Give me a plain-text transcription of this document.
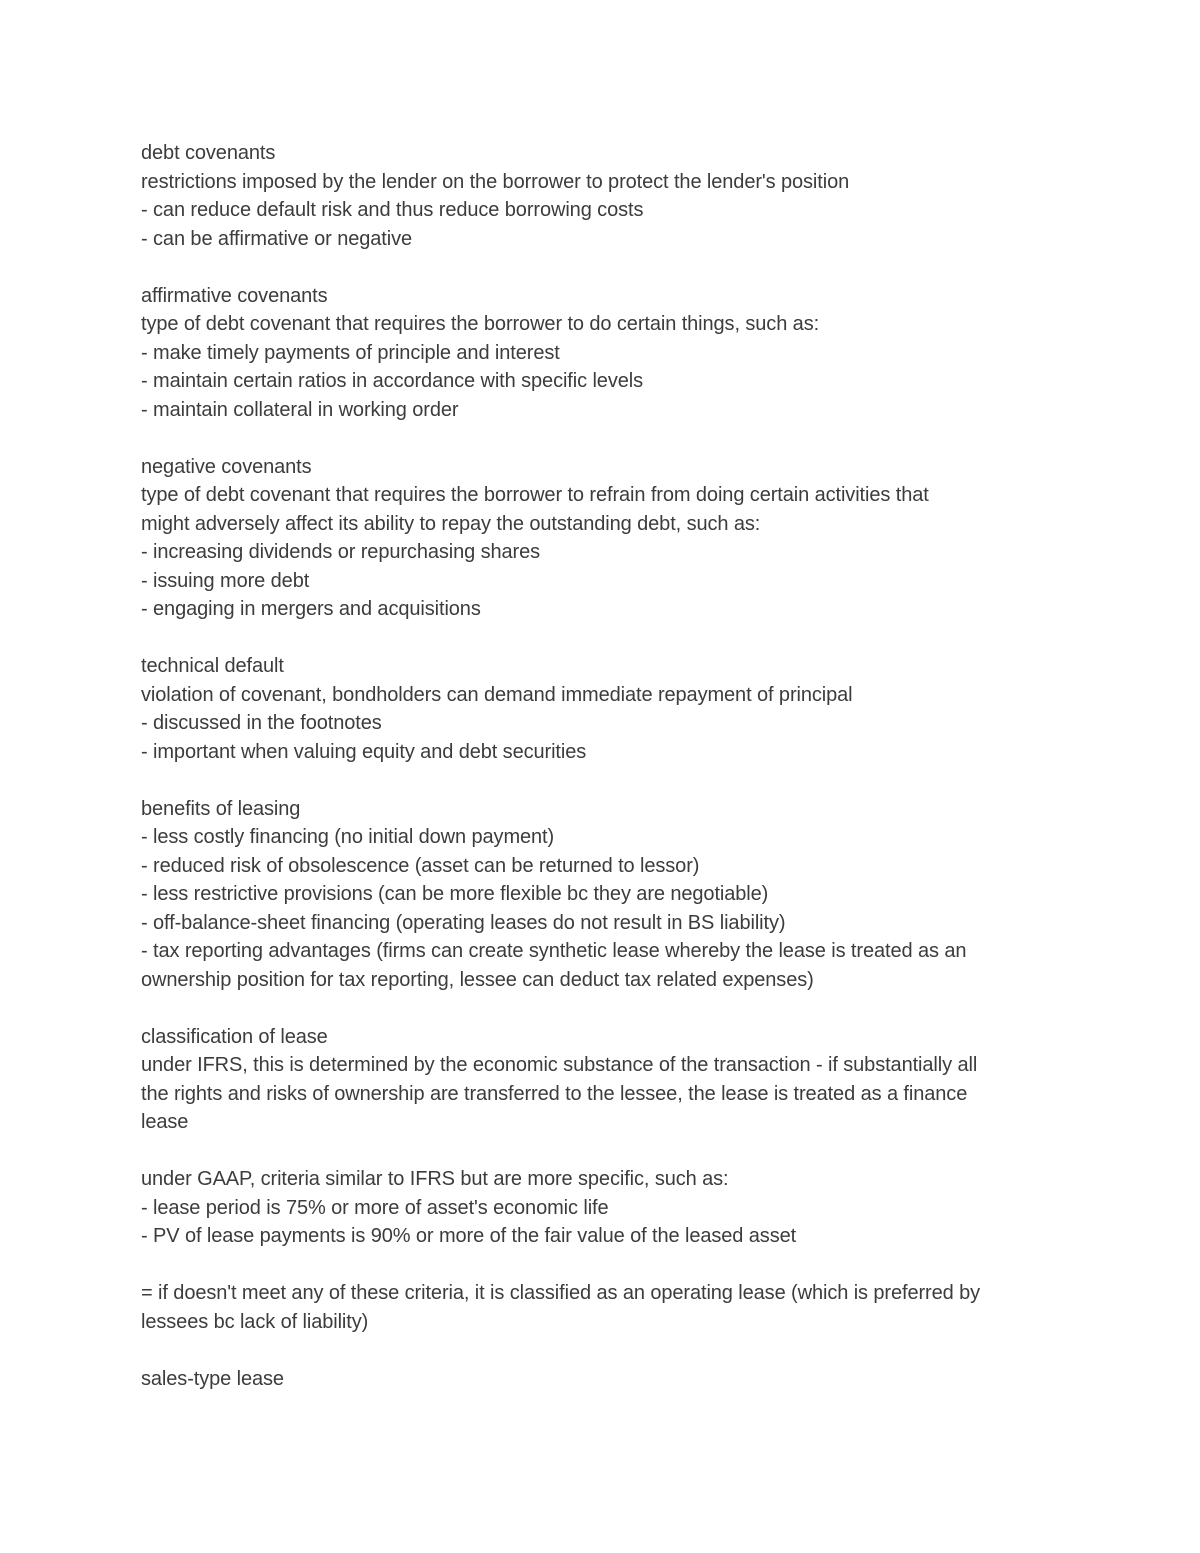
debt covenants
restrictions imposed by the lender on the borrower to protect the lender's position
- can reduce default risk and thus reduce borrowing costs
- can be affirmative or negative
affirmative covenants
type of debt covenant that requires the borrower to do certain things, such as:
- make timely payments of principle and interest
- maintain certain ratios in accordance with specific levels
- maintain collateral in working order
negative covenants
type of debt covenant that requires the borrower to refrain from doing certain activities that
might adversely affect its ability to repay the outstanding debt, such as:
- increasing dividends or repurchasing shares
- issuing more debt
- engaging in mergers and acquisitions
technical default
violation of covenant, bondholders can demand immediate repayment of principal
- discussed in the footnotes
- important when valuing equity and debt securities
benefits of leasing
- less costly financing (no initial down payment)
- reduced risk of obsolescence (asset can be returned to lessor)
- less restrictive provisions (can be more flexible bc they are negotiable)
- off-balance-sheet financing (operating leases do not result in BS liability)
- tax reporting advantages (firms can create synthetic lease whereby the lease is treated as an
ownership position for tax reporting, lessee can deduct tax related expenses)
classification of lease
under IFRS, this is determined by the economic substance of the transaction - if substantially all
the rights and risks of ownership are transferred to the lessee, the lease is treated as a finance
lease
under GAAP, criteria similar to IFRS but are more specific, such as:
- lease period is 75% or more of asset's economic life
- PV of lease payments is 90% or more of the fair value of the leased asset
= if doesn't meet any of these criteria, it is classified as an operating lease (which is preferred by
lessees bc lack of liability)
sales-type lease
